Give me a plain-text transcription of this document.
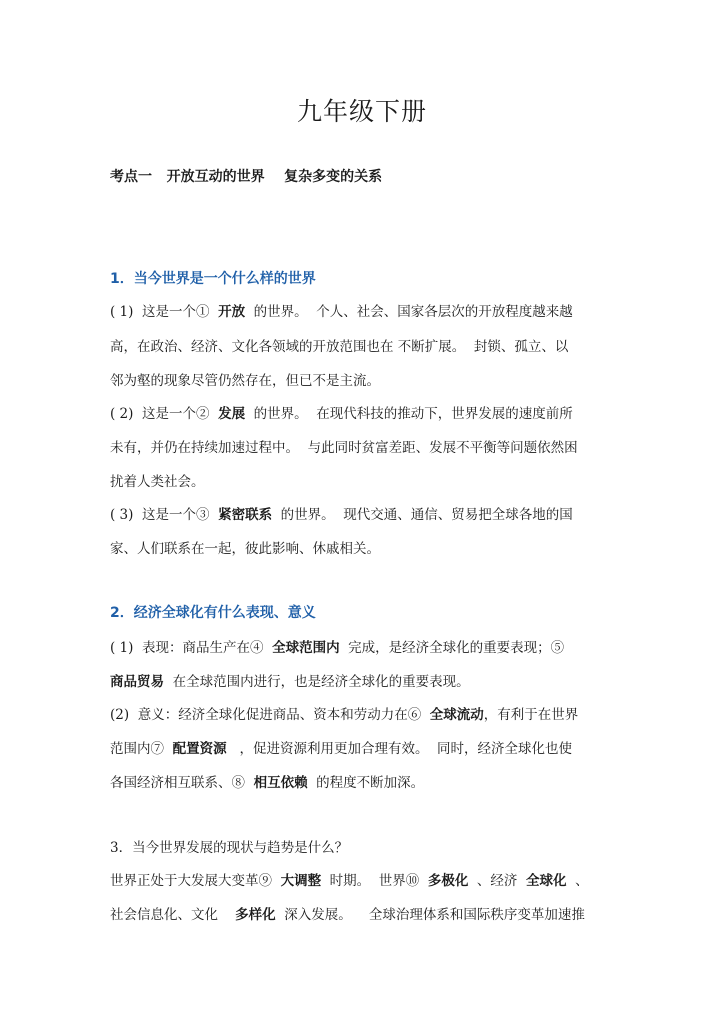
九年级下册
考点一   开放互动的世界    复杂多变的关系
1．当今世界是一个什么样的世界
( 1)  这是一个①  开放  的世界。  个人、社会、国家各层次的开放程度越来越
高，在政治、经济、文化各领域的开放范围也在 不断扩展。  封锁、孤立、以
邻为壑的现象尽管仍然存在，但已不是主流。
( 2)  这是一个②  发展  的世界。  在现代科技的推动下，世界发展的速度前所
未有，并仍在持续加速过程中。  与此同时贫富差距、发展不平衡等问题依然困
扰着人类社会。
( 3)  这是一个③  紧密联系  的世界。  现代交通、通信、贸易把全球各地的国
家、人们联系在一起，彼此影响、休戚相关。
2．经济全球化有什么表现、意义
( 1)  表现：商品生产在④  全球范围内  完成，是经济全球化的重要表现；⑤
商品贸易  在全球范围内进行，也是经济全球化的重要表现。
(2)  意义：经济全球化促进商品、资本和劳动力在⑥  全球流动，有利于在世界
范围内⑦  配置资源   ，促进资源利用更加合理有效。  同时，经济全球化也使
各国经济相互联系、⑧  相互依赖  的程度不断加深。
3．当今世界发展的现状与趋势是什么？
世界正处于大发展大变革⑨  大调整  时期。  世界⑩  多极化  、经济  全球化  、
社会信息化、文化    多样化  深入发展。    全球治理体系和国际秩序变革加速推
